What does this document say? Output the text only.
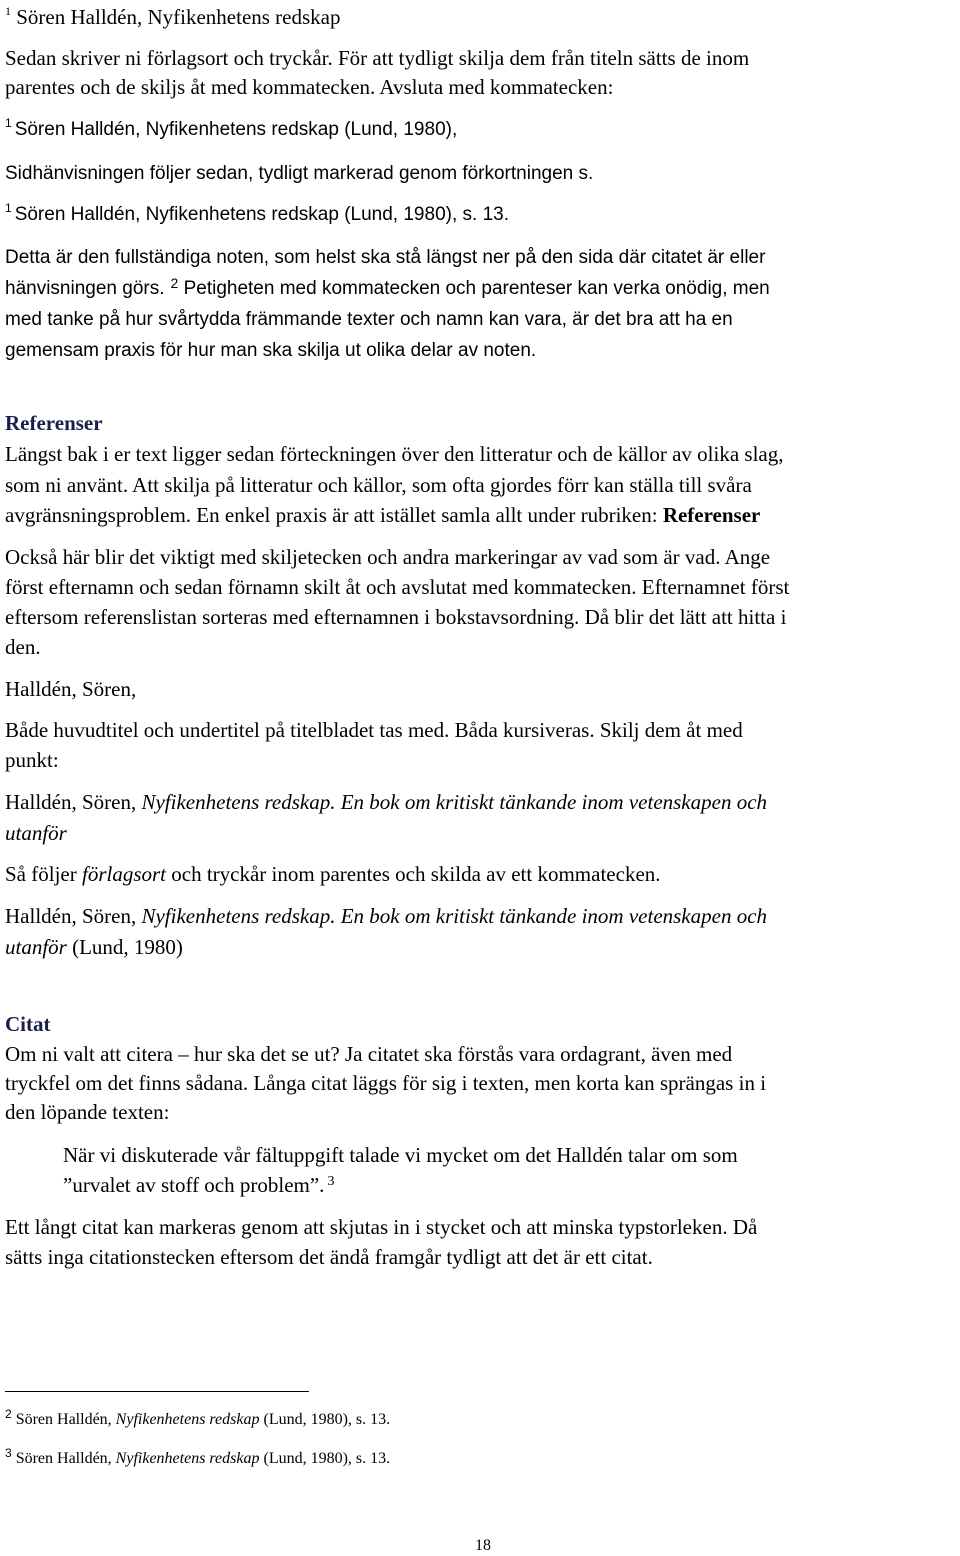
$^1$ Sören Halldén, Nyfikenhetens redskap
Sedan skriver ni förlagsort och tryckår. För att tydligt skilja dem från titeln sätts de inom
parentes och de skiljs åt med kommatecken. Avsluta med kommatecken:
$^1$ Sören Halldén, Nyfikenhetens redskap (Lund, 1980),
Sidhänvisningen följer sedan, tydligt markerad genom förkortningen s.
$^1$ Sören Halldén, Nyfikenhetens redskap (Lund, 1980), s. 13.
Detta är den fullständiga noten, som helst ska stå längst ner på den sida där citatet är eller
hänvisningen görs. $^2$ Petigheten med kommatecken och parenteser kan verka onödig, men
med tanke på hur svårtydda främmande texter och namn kan vara, är det bra att ha en
gemensam praxis för hur man ska skilja ut olika delar av noten.
Referenser
Längst bak i er text ligger sedan förteckningen över den litteratur och de källor av olika slag,
som ni använt. Att skilja på litteratur och källor, som ofta gjordes förr kan ställa till svåra
avgränsningsproblem. En enkel praxis är att istället samla allt under rubriken: Referenser
Också här blir det viktigt med skiljetecken och andra markeringar av vad som är vad. Ange
först efternamn och sedan förnamn skilt åt och avslutat med kommatecken. Efternamnet först
eftersom referenslistan sorteras med efternamnen i bokstavsordning. Då blir det lätt att hitta i
den.
Halldén, Sören,
Både huvudtitel och undertitel på titelbladet tas med. Båda kursiveras. Skilj dem åt med
punkt:
Halldén, Sören, Nyfikenhetens redskap. En bok om kritiskt tänkande inom vetenskapen och
utanför
Så följer förlagsort och tryckår inom parentes och skilda av ett kommatecken.
Halldén, Sören, Nyfikenhetens redskap. En bok om kritiskt tänkande inom vetenskapen och
utanför (Lund, 1980)
Citat
Om ni valt att citera – hur ska det se ut? Ja citatet ska förstås vara ordagrant, även med
tryckfel om det finns sådana. Långa citat läggs för sig i texten, men korta kan sprängas in i
den löpande texten:
När vi diskuterade vår fältuppgift talade vi mycket om det Halldén talar om som
”urvalet av stoff och problem”. $^3$
Ett långt citat kan markeras genom att skjutas in i stycket och att minska typstorleken. Då
sätts inga citationstecken eftersom det ändå framgår tydligt att det är ett citat.
$^2$ Sören Halldén, Nyfikenhetens redskap (Lund, 1980), s. 13.
$^3$ Sören Halldén, Nyfikenhetens redskap (Lund, 1980), s. 13.
18
